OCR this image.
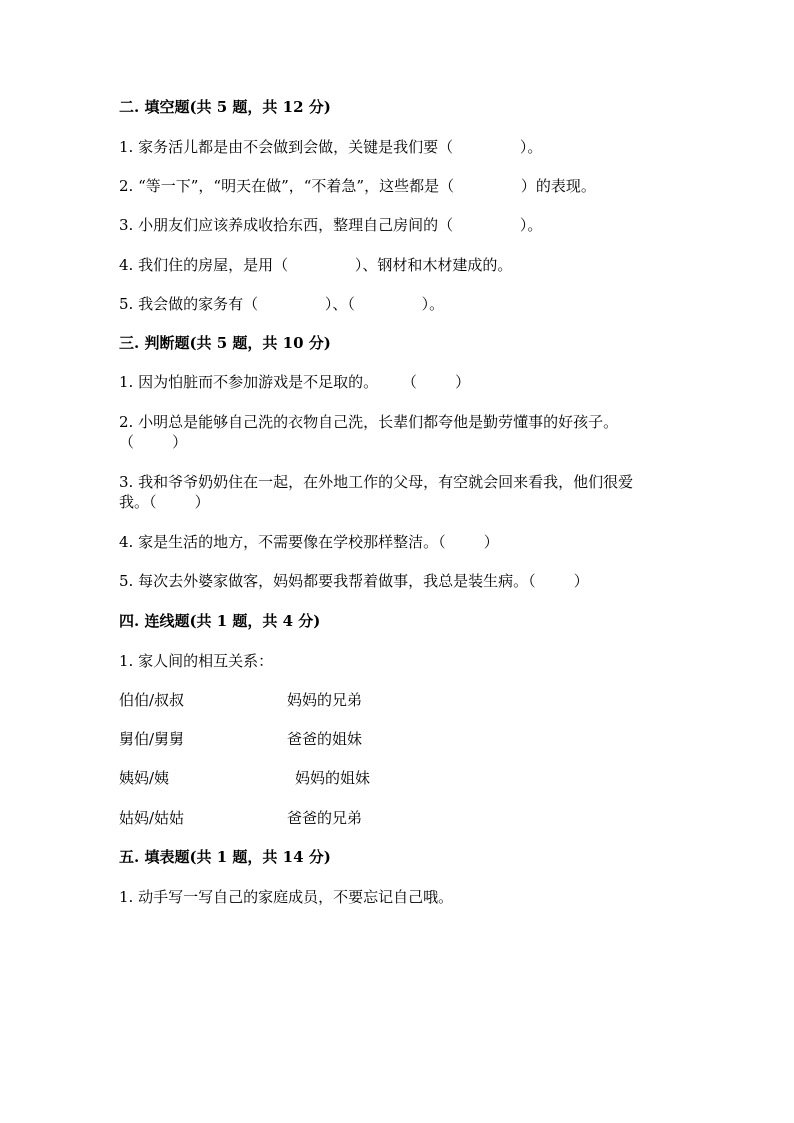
二. 填空题(共 5 题，共 12 分)
1. 家务活儿都是由不会做到会做，关键是我们要（              ）。
2. “等一下”，“明天在做”，“不着急”，这些都是（              ）的表现。
3. 小朋友们应该养成收拾东西，整理自己房间的（              ）。
4. 我们住的房屋，是用（              ）、钢材和木材建成的。
5. 我会做的家务有（              ）、（              ）。
三. 判断题(共 5 题，共 10 分)
1. 因为怕脏而不参加游戏是不足取的。     （        ）
2. 小明总是能够自己洗的衣物自己洗，长辈们都夸他是勤劳懂事的好孩子。
（        ）
3. 我和爷爷奶奶住在一起，在外地工作的父母，有空就会回来看我，他们很爱
我。（        ）
4. 家是生活的地方，不需要像在学校那样整洁。（        ）
5. 每次去外婆家做客，妈妈都要我帮着做事，我总是装生病。（        ）
四. 连线题(共 1 题，共 4 分)
1. 家人间的相互关系：
伯伯/叔叔	妈妈的兄弟
舅伯/舅舅	爸爸的姐妹
姨妈/姨	妈妈的姐妹
姑妈/姑姑	爸爸的兄弟
五. 填表题(共 1 题，共 14 分)
1. 动手写一写自己的家庭成员，不要忘记自己哦。
